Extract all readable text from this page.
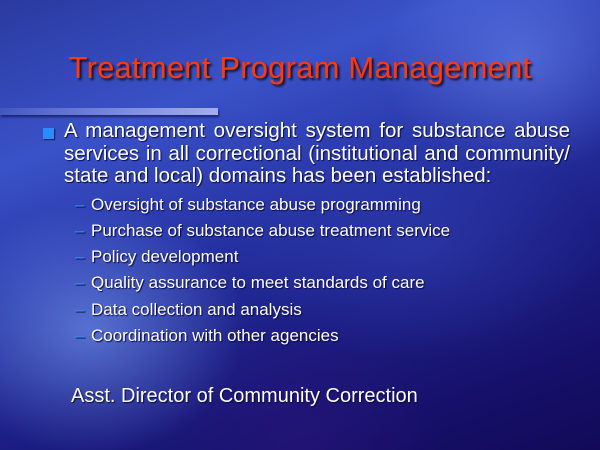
Treatment Program Management
A management oversight system for substance abuse services in all correctional (institutional and community/ state and local) domains has been established:
– Oversight of substance abuse programming
– Purchase of substance abuse treatment service
– Policy development
– Quality assurance to meet standards of care
– Data collection and analysis
– Coordination with other agencies
Asst. Director of Community Correction
